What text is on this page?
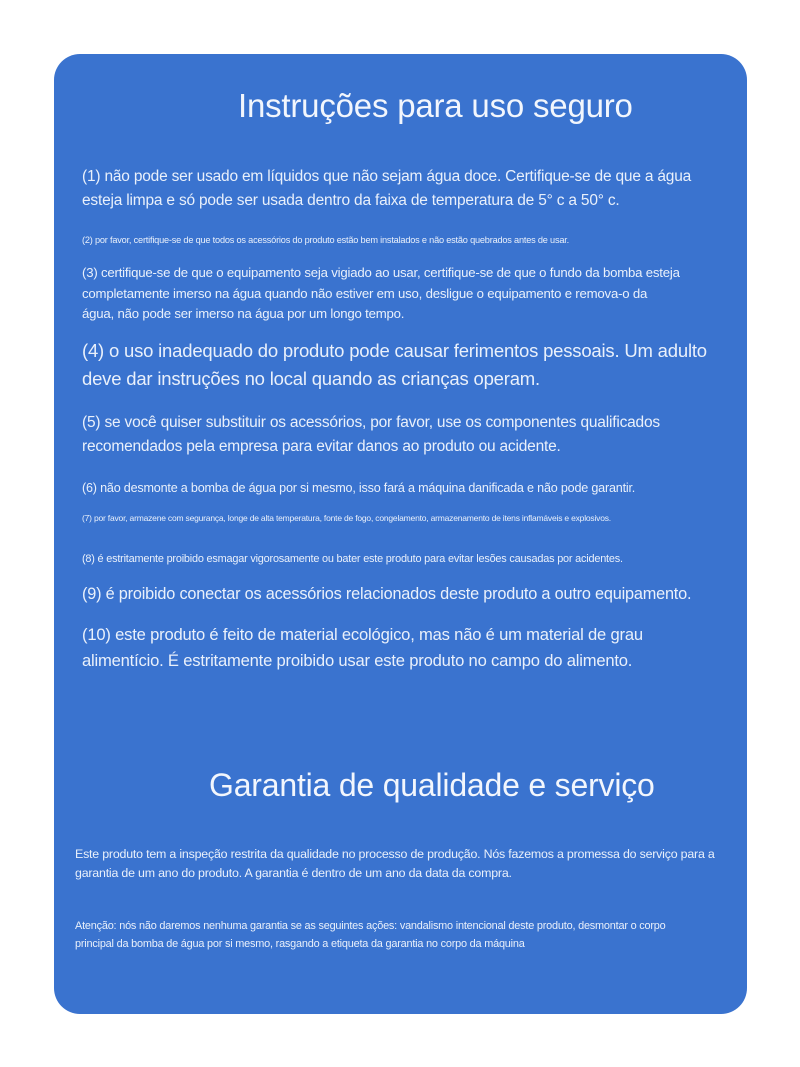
Instruções para uso seguro

(1) não pode ser usado em líquidos que não sejam água doce. Certifique-se de que a água esteja limpa e só pode ser usada dentro da faixa de temperatura de 5° c a 50° c.

(2) por favor, certifique-se de que todos os acessórios do produto estão bem instalados e não estão quebrados antes de usar.

(3) certifique-se de que o equipamento seja vigiado ao usar, certifique-se de que o fundo da bomba esteja completamente imerso na água quando não estiver em uso, desligue o equipamento e remova-o da água, não pode ser imerso na água por um longo tempo.

(4) o uso inadequado do produto pode causar ferimentos pessoais. Um adulto deve dar instruções no local quando as crianças operam.

(5) se você quiser substituir os acessórios, por favor, use os componentes qualificados recomendados pela empresa para evitar danos ao produto ou acidente.

(6) não desmonte a bomba de água por si mesmo, isso fará a máquina danificada e não pode garantir.

(7) por favor, armazene com segurança, longe de alta temperatura, fonte de fogo, congelamento, armazenamento de itens inflamáveis e explosivos.

(8) é estritamente proibido esmagar vigorosamente ou bater este produto para evitar lesões causadas por acidentes.

(9) é proibido conectar os acessórios relacionados deste produto a outro equipamento.

(10) este produto é feito de material ecológico, mas não é um material de grau alimentício. É estritamente proibido usar este produto no campo do alimento.

Garantia de qualidade e serviço

Este produto tem a inspeção restrita da qualidade no processo de produção. Nós fazemos a promessa do serviço para a garantia de um ano do produto. A garantia é dentro de um ano da data da compra.

Atenção: nós não daremos nenhuma garantia se as seguintes ações: vandalismo intencional deste produto, desmontar o corpo principal da bomba de água por si mesmo, rasgando a etiqueta da garantia no corpo da máquina
